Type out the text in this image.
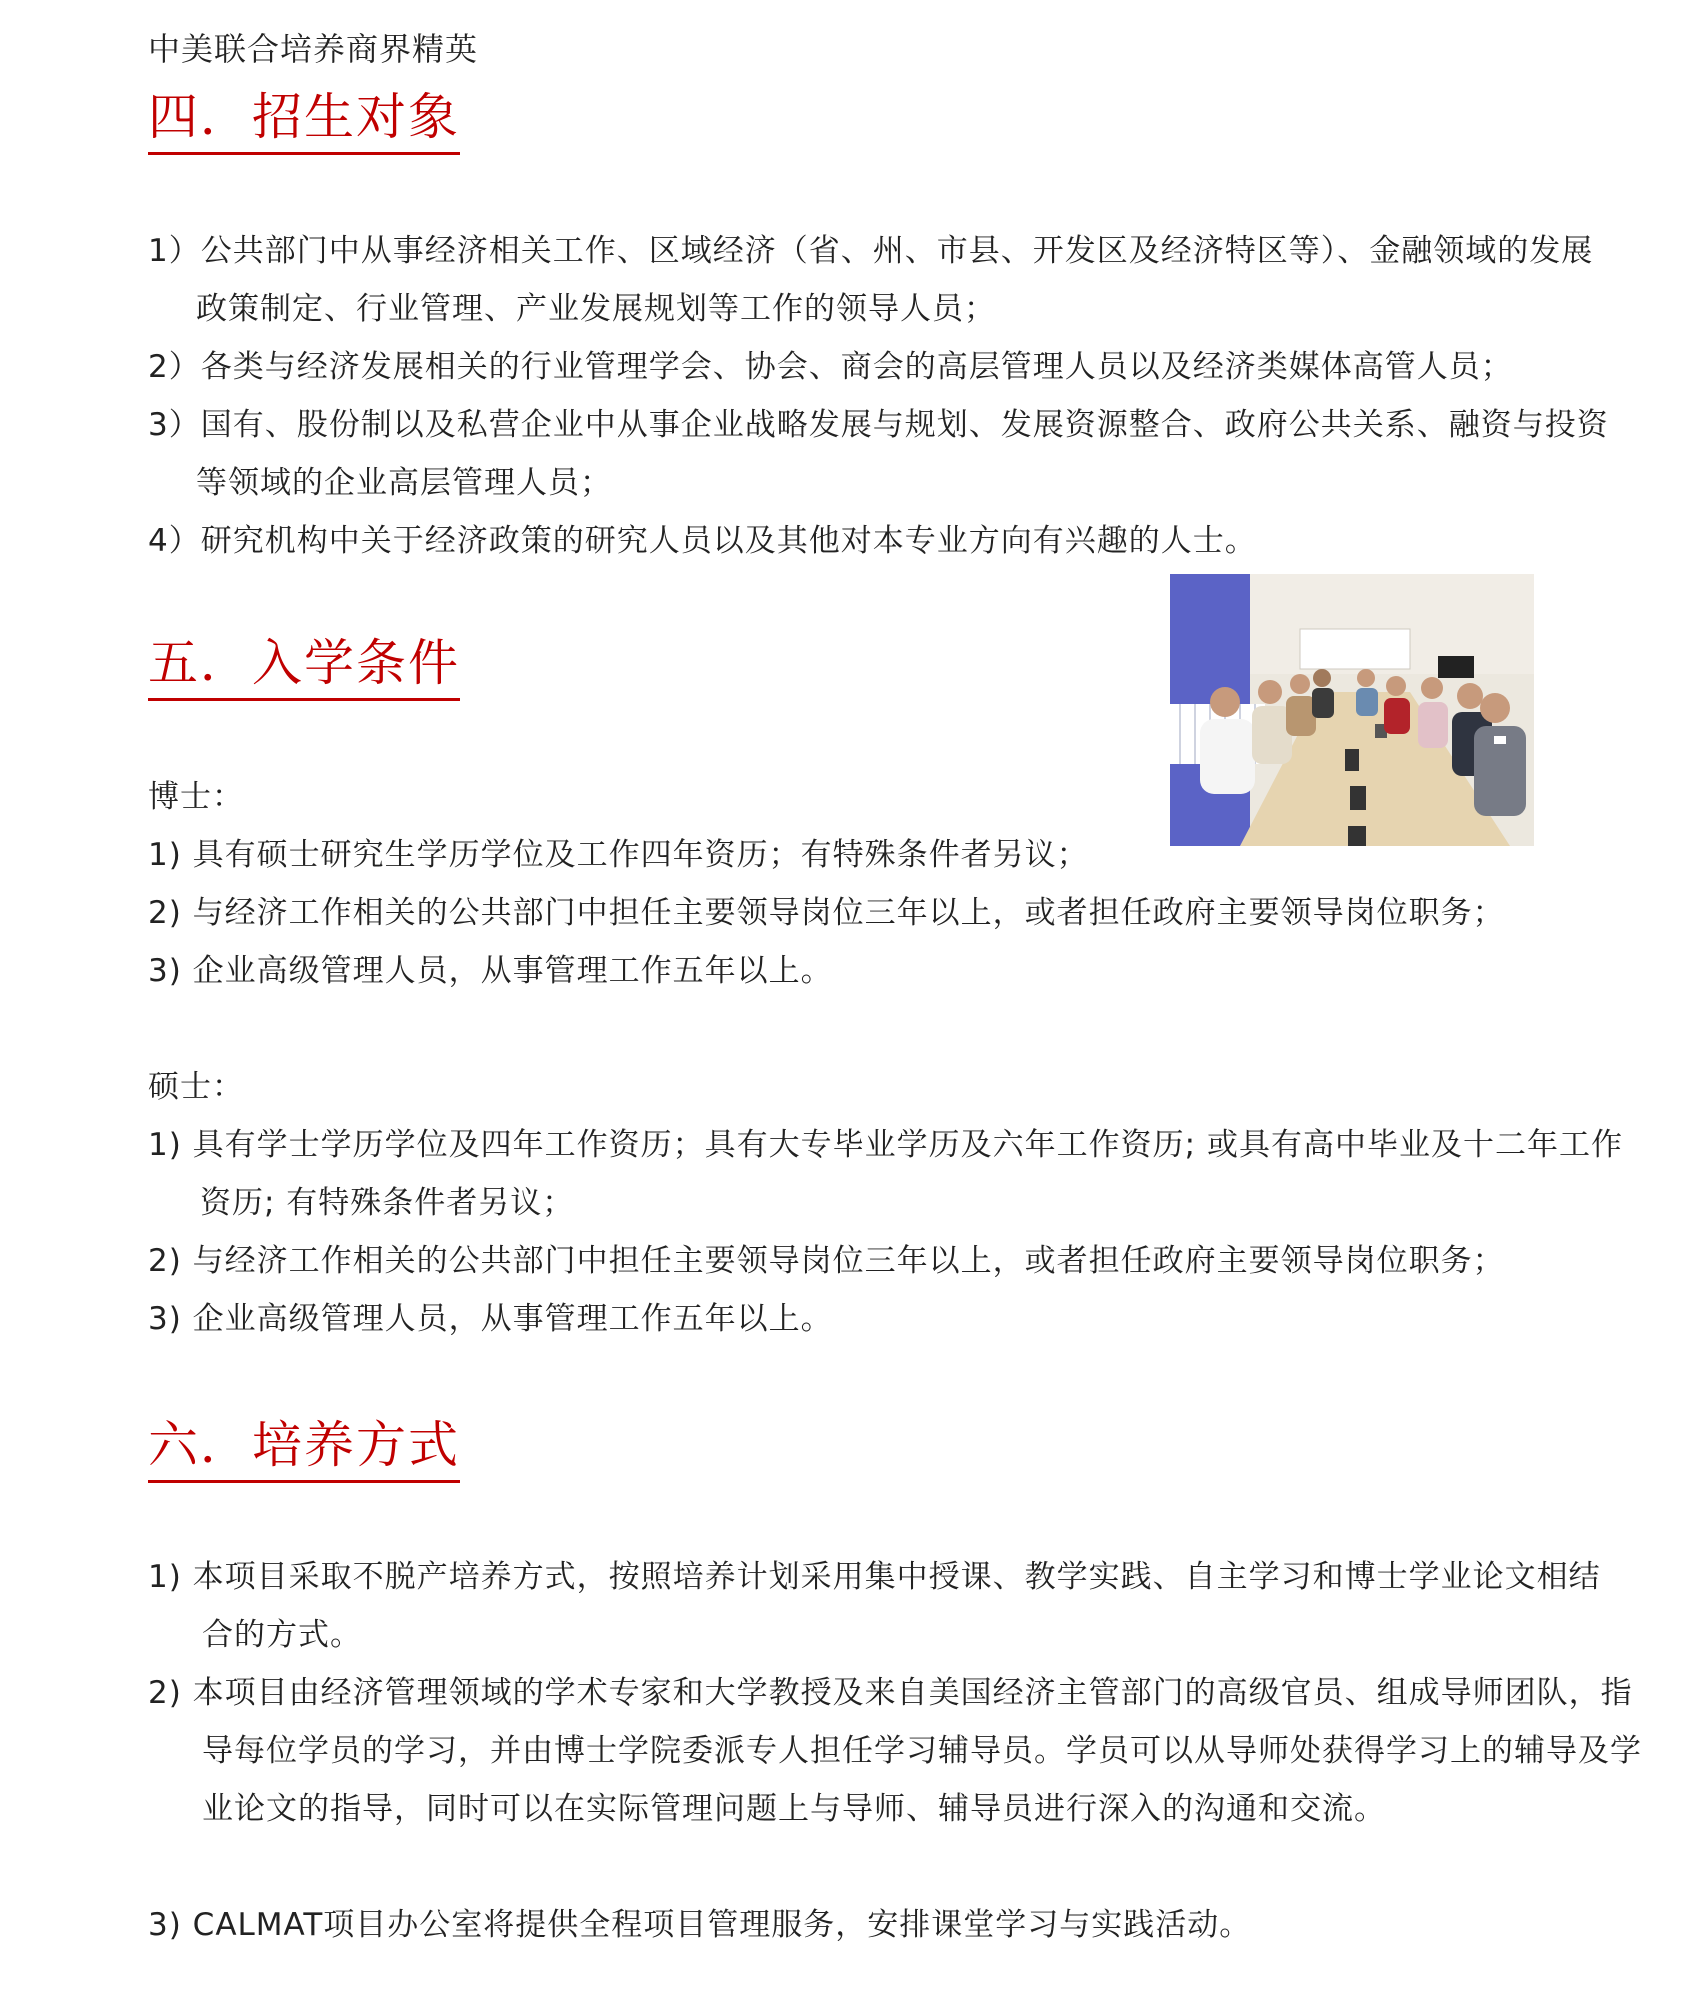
中美联合培养商界精英
四．招生对象
1）公共部门中从事经济相关工作、区域经济（省、州、市县、开发区及经济特区等）、金融领域的发展政策制定、行业管理、产业发展规划等工作的领导人员；
2）各类与经济发展相关的行业管理学会、协会、商会的高层管理人员以及经济类媒体高管人员；
3）国有、股份制以及私营企业中从事企业战略发展与规划、发展资源整合、政府公共关系、融资与投资等领域的企业高层管理人员；
4）研究机构中关于经济政策的研究人员以及其他对本专业方向有兴趣的人士。
五．入学条件
博士：
1) 具有硕士研究生学历学位及工作四年资历；有特殊条件者另议；
2) 与经济工作相关的公共部门中担任主要领导岗位三年以上，或者担任政府主要领导岗位职务；
3) 企业高级管理人员，从事管理工作五年以上。
硕士：
1) 具有学士学历学位及四年工作资历；具有大专毕业学历及六年工作资历; 或具有高中毕业及十二年工作资历; 有特殊条件者另议；
2) 与经济工作相关的公共部门中担任主要领导岗位三年以上，或者担任政府主要领导岗位职务；
3) 企业高级管理人员，从事管理工作五年以上。
六．培养方式
1) 本项目采取不脱产培养方式，按照培养计划采用集中授课、教学实践、自主学习和博士学业论文相结合的方式。
2) 本项目由经济管理领域的学术专家和大学教授及来自美国经济主管部门的高级官员、组成导师团队，指导每位学员的学习，并由博士学院委派专人担任学习辅导员。学员可以从导师处获得学习上的辅导及学业论文的指导，同时可以在实际管理问题上与导师、辅导员进行深入的沟通和交流。
3) CALMAT项目办公室将提供全程项目管理服务，安排课堂学习与实践活动。
